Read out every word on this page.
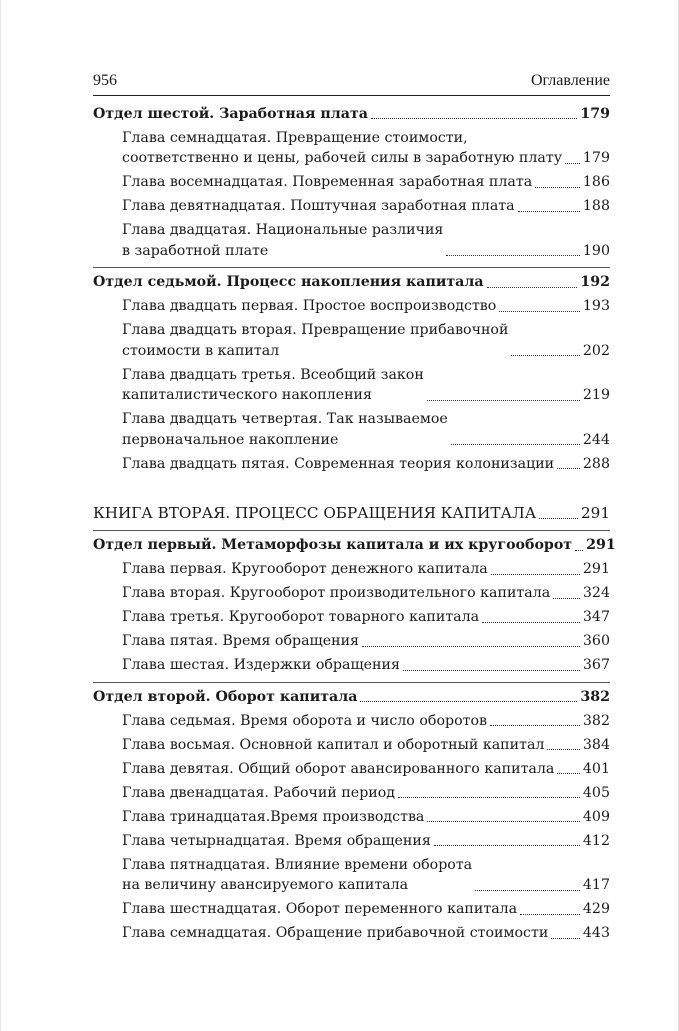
956	Оглавление
Отдел шестой. Заработная плата	179
Глава семнадцатая. Превращение стоимости,
соответственно и цены, рабочей силы в заработную плату 179
Глава восемнадцатая. Повременная заработная плата	186
Глава девятнадцатая. Поштучная заработная плата	188
Глава двадцатая. Национальные различия
в заработной плате	190
Отдел седьмой. Процесс накопления капитала	192
Глава двадцать первая. Простое воспроизводство	193
Глава двадцать вторая. Превращение прибавочной
стоимости в капитал	202
Глава двадцать третья. Всеобщий закон
капиталистического накопления	219
Глава двадцать четвертая. Так называемое
первоначальное накопление	244
Глава двадцать пятая. Современная теория колонизации 288
КНИГА ВТОРАЯ. ПРОЦЕСС ОБРАЩЕНИЯ КАПИТАЛА	291
Отдел первый. Метаморфозы капитала и их кругооборот 291
Глава первая. Кругооборот денежного капитала	291
Глава вторая. Кругооборот производительного капитала 324
Глава третья. Кругооборот товарного капитала	347
Глава пятая. Время обращения	360
Глава шестая. Издержки обращения	367
Отдел второй. Оборот капитала	382
Глава седьмая. Время оборота и число оборотов	382
Глава восьмая. Основной капитал и оборотный капитал	384
Глава девятая. Общий оборот авансированного капитала 401
Глава двенадцатая. Рабочий период	405
Глава тринадцатая.Время производства	409
Глава четырнадцатая. Время обращения	412
Глава пятнадцатая. Влияние времени оборота
на величину авансируемого капитала	417
Глава шестнадцатая. Оборот переменного капитала	429
Глава семнадцатая. Обращение прибавочной стоимости 443
